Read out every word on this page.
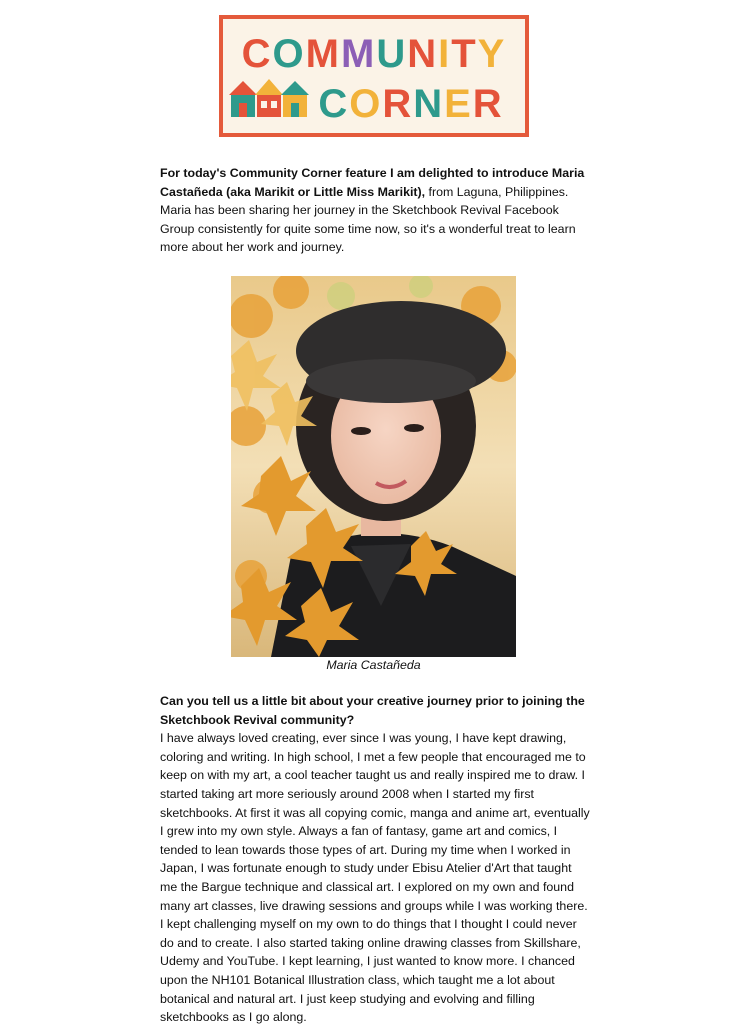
COMMUNITY
CORNER

For today's Community Corner feature I am delighted to introduce Maria Castañeda (aka Marikit or Little Miss Marikit), from Laguna, Philippines. Maria has been sharing her journey in the Sketchbook Revival Facebook Group consistently for quite some time now, so it's a wonderful treat to learn more about her work and journey.

Maria Castañeda

Can you tell us a little bit about your creative journey prior to joining the Sketchbook Revival community?

I have always loved creating, ever since I was young, I have kept drawing, coloring and writing. In high school, I met a few people that encouraged me to keep on with my art, a cool teacher taught us and really inspired me to draw. I started taking art more seriously around 2008 when I started my first sketchbooks. At first it was all copying comic, manga and anime art, eventually I grew into my own style. Always a fan of fantasy, game art and comics, I tended to lean towards those types of art. During my time when I worked in Japan, I was fortunate enough to study under Ebisu Atelier d'Art that taught me the Bargue technique and classical art. I explored on my own and found many art classes, live drawing sessions and groups while I was working there. I kept challenging myself on my own to do things that I thought I could never do and to create. I also started taking online drawing classes from Skillshare, Udemy and YouTube. I kept learning, I just wanted to know more. I chanced upon the NH101 Botanical Illustration class, which taught me a lot about botanical and natural art. I just keep studying and evolving and filling sketchbooks as I go along.
